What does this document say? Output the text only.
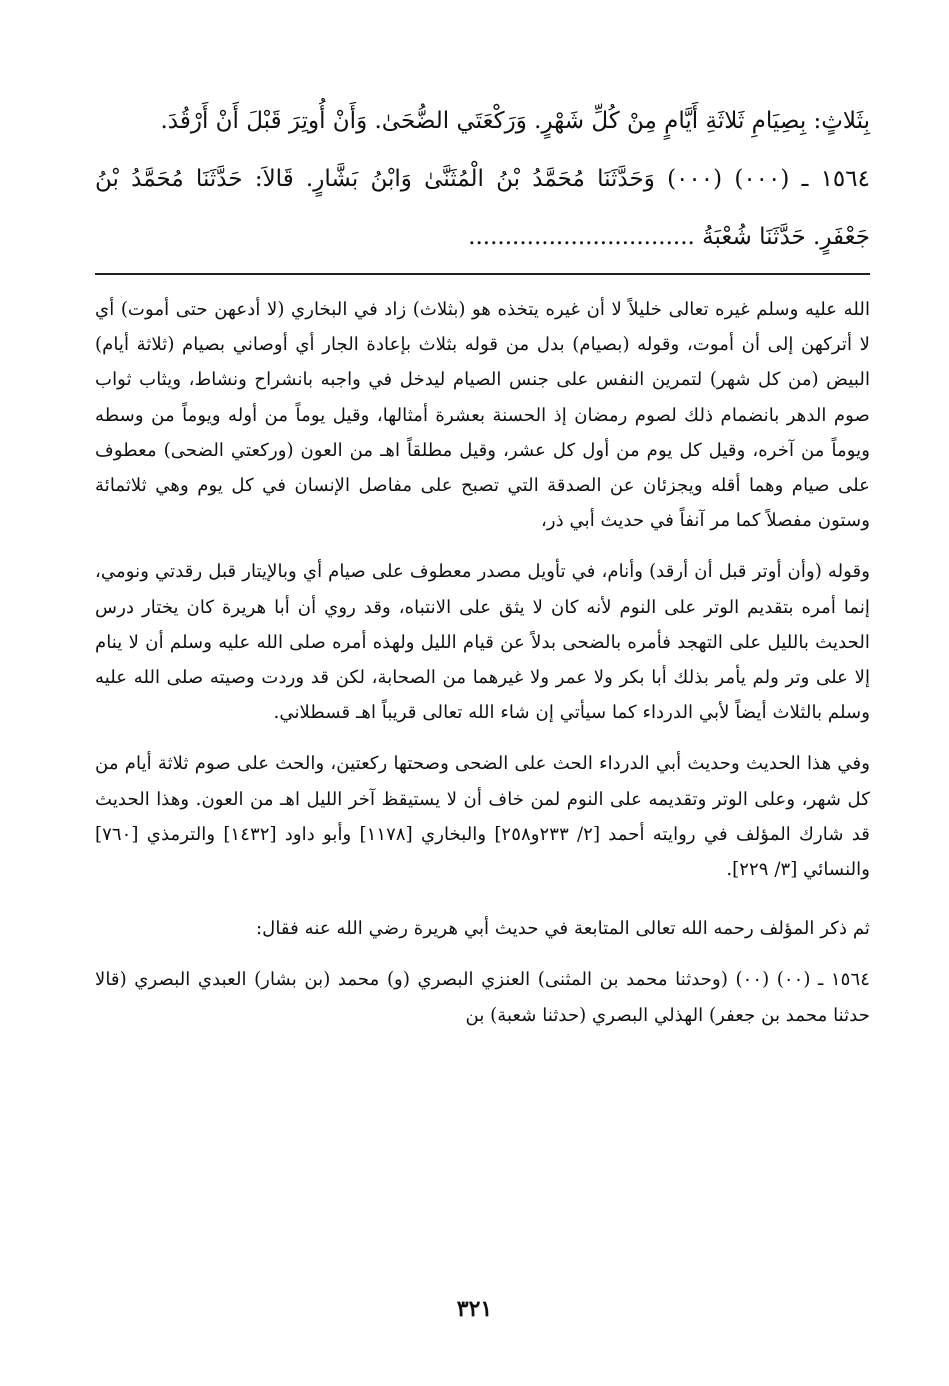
بِثَلاثٍ: بِصِيَامِ ثَلاثَةِ أَيَّامٍ مِنْ كُلِّ شَهْرٍ. وَرَكْعَتَي الضُّحَىٰ. وَأَنْ أُوتِرَ قَبْلَ أَنْ أَرْقُدَ.

١٥٦٤ ـ (٠٠٠) (٠٠٠) وَحَدَّثَنَا مُحَمَّدُ بْنُ الْمُثَنَّىٰ وَابْنُ بَشَّارٍ. قَالاَ: حَدَّثَنَا مُحَمَّدُ بْنُ جَعْفَرٍ. حَدَّثَنَا شُعْبَةُ ...............................

الله عليه وسلم غيره تعالى خليلاً لا أن غيره يتخذه هو (بثلاث) زاد في البخاري (لا أدعهن حتى أموت) أي لا أتركهن إلى أن أموت، وقوله (بصيام) بدل من قوله بثلاث بإعادة الجار أي أوصاني بصيام (ثلاثة أيام) البيض (من كل شهر) لتمرين النفس على جنس الصيام ليدخل في واجبه بانشراح ونشاط، ويثاب ثواب صوم الدهر بانضمام ذلك لصوم رمضان إذ الحسنة بعشرة أمثالها، وقيل يوماً من أوله ويوماً من وسطه ويوماً من آخره، وقيل كل يوم من أول كل عشر، وقيل مطلقاً اهـ من العون (وركعتي الضحى) معطوف على صيام وهما أقله ويجزئان عن الصدقة التي تصبح على مفاصل الإنسان في كل يوم وهي ثلاثمائة وستون مفصلاً كما مر آنفاً في حديث أبي ذر،

وقوله (وأن أوتر قبل أن أرقد) وأنام، في تأويل مصدر معطوف على صيام أي وبالإيتار قبل رقدتي ونومي، إنما أمره بتقديم الوتر على النوم لأنه كان لا يثق على الانتباه، وقد روي أن أبا هريرة كان يختار درس الحديث بالليل على التهجد فأمره بالضحى بدلاً عن قيام الليل ولهذه أمره صلى الله عليه وسلم أن لا ينام إلا على وتر ولم يأمر بذلك أبا بكر ولا عمر ولا غيرهما من الصحابة، لكن قد وردت وصيته صلى الله عليه وسلم بالثلاث أيضاً لأبي الدرداء كما سيأتي إن شاء الله تعالى قريباً اهـ قسطلاني.

وفي هذا الحديث وحديث أبي الدرداء الحث على الضحى وصحتها ركعتين، والحث على صوم ثلاثة أيام من كل شهر، وعلى الوتر وتقديمه على النوم لمن خاف أن لا يستيقظ آخر الليل اهـ من العون. وهذا الحديث قد شارك المؤلف في روايته أحمد [٢/ ٢٣٣و٢٥٨] والبخاري [١١٧٨] وأبو داود [١٤٣٢] والترمذي [٧٦٠] والنسائي [٣/ ٢٢٩].

ثم ذكر المؤلف رحمه الله تعالى المتابعة في حديث أبي هريرة رضي الله عنه فقال:

١٥٦٤ ـ (٠٠) (٠٠) (وحدثنا محمد بن المثنى) العنزي البصري (و) محمد (بن بشار) العبدي البصري (قالا حدثنا محمد بن جعفر) الهذلي البصري (حدثنا شعبة) بن

٣٢١
